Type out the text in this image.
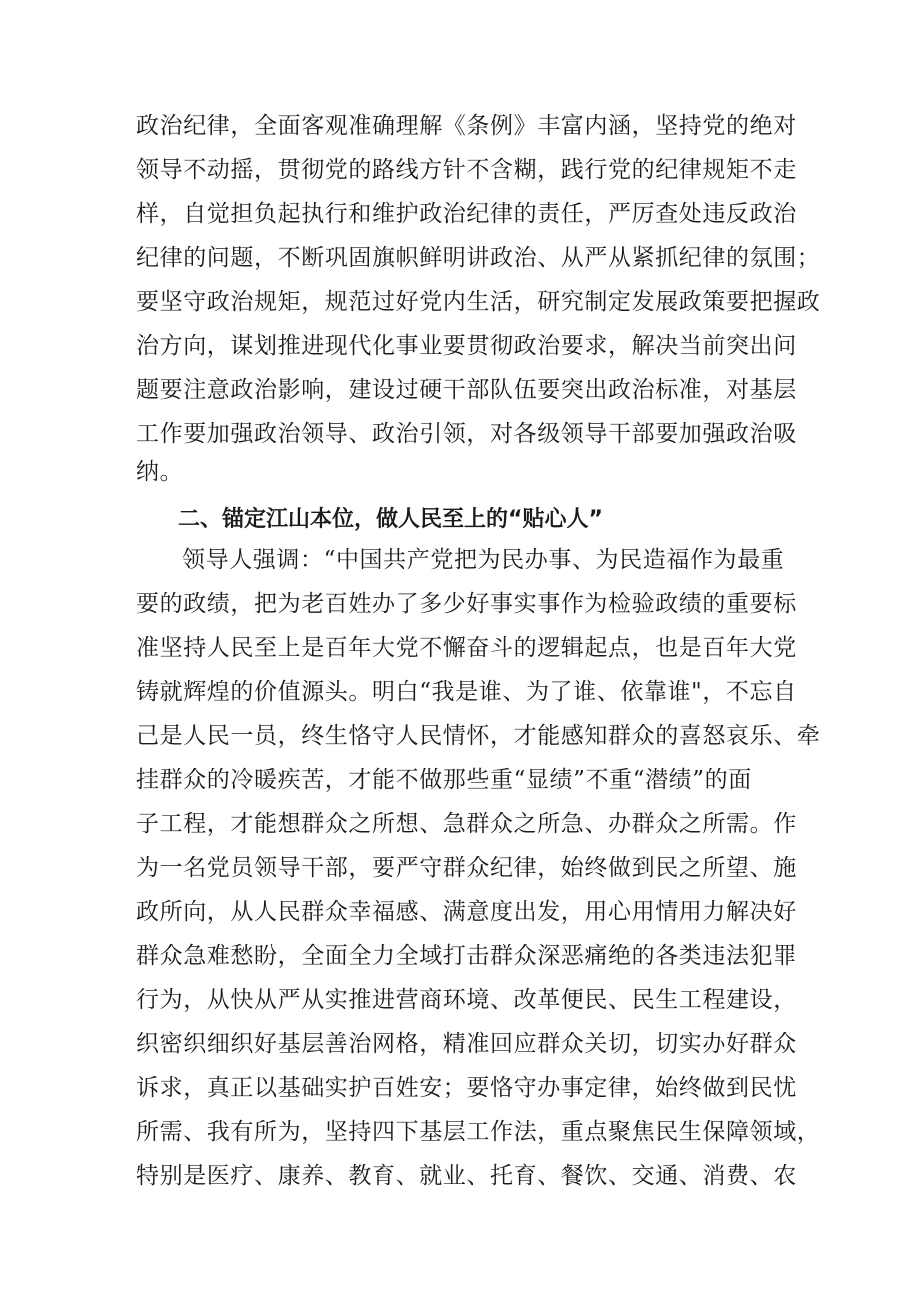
政治纪律，全面客观准确理解《条例》丰富内涵，坚持党的绝对
领导不动摇，贯彻党的路线方针不含糊，践行党的纪律规矩不走
样，自觉担负起执行和维护政治纪律的责任，严厉查处违反政治
纪律的问题，不断巩固旗帜鲜明讲政治、从严从紧抓纪律的氛围；
要坚守政治规矩，规范过好党内生活，研究制定发展政策要把握政
治方向，谋划推进现代化事业要贯彻政治要求，解决当前突出问
题要注意政治影响，建设过硬干部队伍要突出政治标准，对基层
工作要加强政治领导、政治引领，对各级领导干部要加强政治吸
纳。
二、锚定江山本位，做人民至上的“贴心人”
领导人强调：“中国共产党把为民办事、为民造福作为最重
要的政绩，把为老百姓办了多少好事实事作为检验政绩的重要标
准坚持人民至上是百年大党不懈奋斗的逻辑起点，也是百年大党
铸就辉煌的价值源头。明白“我是谁、为了谁、依靠谁"，不忘自
己是人民一员，终生恪守人民情怀，才能感知群众的喜怒哀乐、牵
挂群众的冷暖疾苦，才能不做那些重“显绩”不重“潜绩”的面
子工程，才能想群众之所想、急群众之所急、办群众之所需。作
为一名党员领导干部，要严守群众纪律，始终做到民之所望、施
政所向，从人民群众幸福感、满意度出发，用心用情用力解决好
群众急难愁盼，全面全力全域打击群众深恶痛绝的各类违法犯罪
行为，从快从严从实推进营商环境、改革便民、民生工程建设，
织密织细织好基层善治网格，精准回应群众关切，切实办好群众
诉求，真正以基础实护百姓安；要恪守办事定律，始终做到民忧
所需、我有所为，坚持四下基层工作法，重点聚焦民生保障领域，
特别是医疗、康养、教育、就业、托育、餐饮、交通、消费、农
